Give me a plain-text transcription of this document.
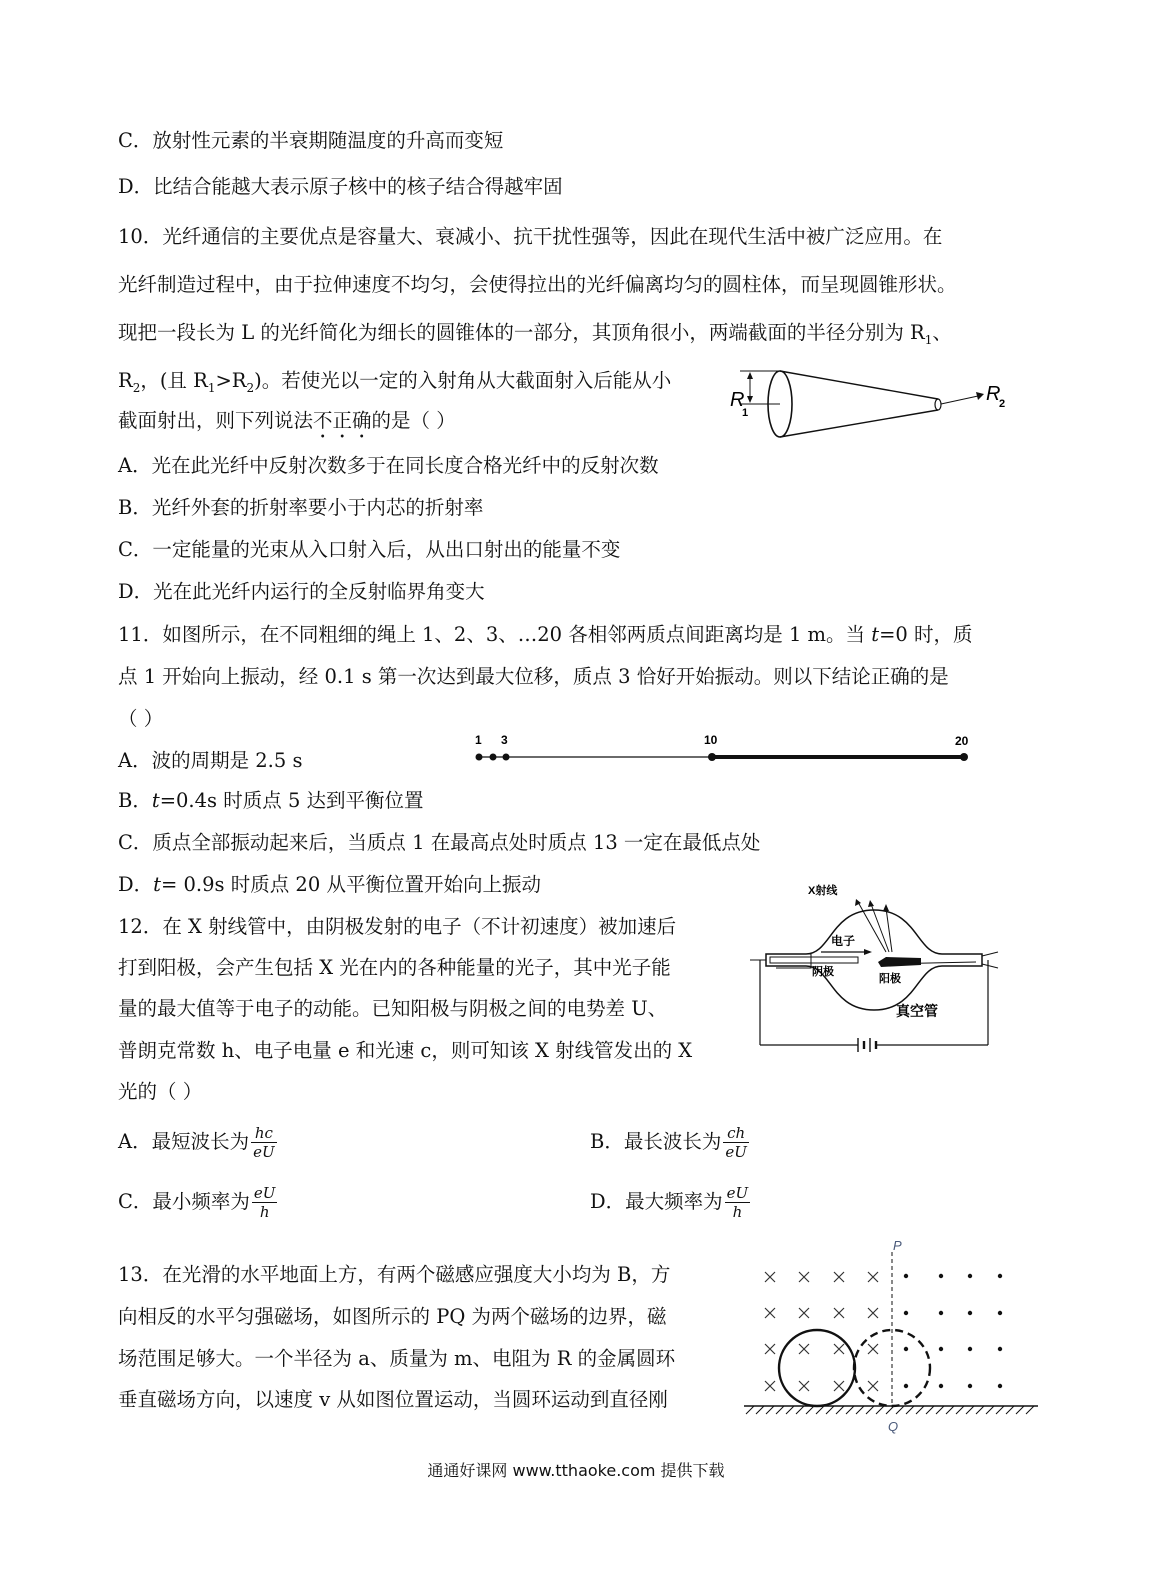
C．放射性元素的半衰期随温度的升高而变短
D．比结合能越大表示原子核中的核子结合得越牢固
10．光纤通信的主要优点是容量大、衰减小、抗干扰性强等，因此在现代生活中被广泛应用。在
光纤制造过程中，由于拉伸速度不均匀，会使得拉出的光纤偏离均匀的圆柱体，而呈现圆锥形状。
现把一段长为 L 的光纤简化为细长的圆锥体的一部分，其顶角很小，两端截面的半径分别为 $R_1$、
$R_2$，(且 $R_1>R_2$)。若使光以一定的入射角从大截面射入后能从小
截面射出，则下列说法不正确的是（ ）
A．光在此光纤中反射次数多于在同长度合格光纤中的反射次数
B．光纤外套的折射率要小于内芯的折射率
C．一定能量的光束从入口射入后，从出口射出的能量不变
D．光在此光纤内运行的全反射临界角变大
11．如图所示，在不同粗细的绳上 1、2、3、…20 各相邻两质点间距离均是 1 m。当 t=0 时，质
点 1 开始向上振动，经 0.1 s 第一次达到最大位移，质点 3 恰好开始振动。则以下结论正确的是
（ ）
A．波的周期是 2.5 s
B．t=0.4s 时质点 5 达到平衡位置
C．质点全部振动起来后，当质点 1 在最高点处时质点 13 一定在最低点处
D．t= 0.9s 时质点 20 从平衡位置开始向上振动
12．在 X 射线管中，由阴极发射的电子（不计初速度）被加速后
打到阳极，会产生包括 X 光在内的各种能量的光子，其中光子能
量的最大值等于电子的动能。已知阳极与阴极之间的电势差 U、
普朗克常数 h、电子电量 e 和光速 c，则可知该 X 射线管发出的 X
光的（ ）
A．最短波长为 $\frac{hc}{eU}$	B．最长波长为 $\frac{ch}{eU}$
C．最小频率为 $\frac{eU}{h}$	D．最大频率为 $\frac{eU}{h}$
13．在光滑的水平地面上方，有两个磁感应强度大小均为 B，方
向相反的水平匀强磁场，如图所示的 PQ 为两个磁场的边界，磁
场范围足够大。一个半径为 a、质量为 m、电阻为 R 的金属圆环
垂直磁场方向，以速度 v 从如图位置运动，当圆环运动到直径刚
R
1
R
2
1 3	10	20
X射线
电子
阴极
阳极
真空管
P
Q
通通好课网 www.tthaoke.com 提供下载
